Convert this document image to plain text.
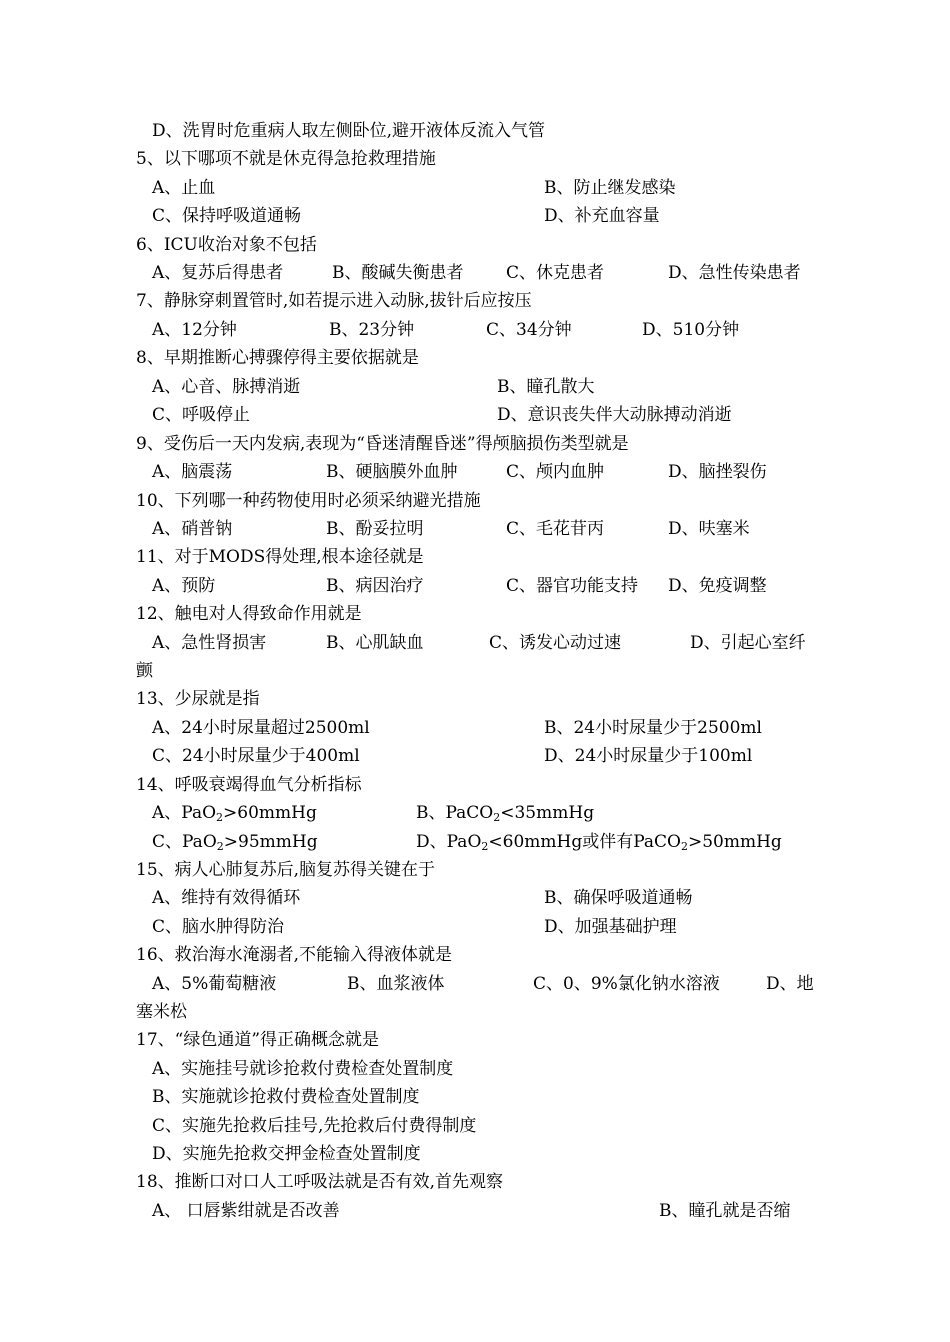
D、洗胃时危重病人取左侧卧位,避开液体反流入气管
5、以下哪项不就是休克得急抢救理措施
A、止血	B、防止继发感染
C、保持呼吸道通畅	D、补充血容量
6、ICU收治对象不包括
A、复苏后得患者	B、酸碱失衡患者	C、休克患者	D、急性传染患者
7、静脉穿刺置管时,如若提示进入动脉,拔针后应按压
A、12分钟	B、23分钟	C、34分钟	D、510分钟
8、早期推断心搏骤停得主要依据就是
A、心音、脉搏消逝	B、瞳孔散大
C、呼吸停止	D、意识丧失伴大动脉搏动消逝
9、受伤后一天内发病,表现为“昏迷清醒昏迷”得颅脑损伤类型就是
A、脑震荡	B、硬脑膜外血肿	C、颅内血肿	D、脑挫裂伤
10、下列哪一种药物使用时必须采纳避光措施
A、硝普钠	B、酚妥拉明	C、毛花苷丙	D、呋塞米
11、对于MODS得处理,根本途径就是
A、预防	B、病因治疗	C、器官功能支持 D、免疫调整
12、触电对人得致命作用就是
A、急性肾损害	B、心肌缺血	C、诱发心动过速	D、引起心室纤
颤
13、少尿就是指
A、24小时尿量超过2500ml	B、24小时尿量少于2500ml
C、24小时尿量少于400ml	D、24小时尿量少于100ml
14、呼吸衰竭得血气分析指标
A、PaO$_2$>60mmHg	B、PaCO$_2$<35mmHg
C、PaO$_2$>95mmHg	D、PaO$_2$<60mmHg或伴有PaCO$_2$>50mmHg
15、病人心肺复苏后,脑复苏得关键在于
A、维持有效得循环	B、确保呼吸道通畅
C、脑水肿得防治	D、加强基础护理
16、救治海水淹溺者,不能输入得液体就是
A、5%葡萄糖液	B、血浆液体	C、0、9%氯化钠水溶液	D、地
塞米松
17、“绿色通道”得正确概念就是
A、实施挂号就诊抢救付费检查处置制度
B、实施就诊抢救付费检查处置制度
C、实施先抢救后挂号,先抢救后付费得制度
D、实施先抢救交押金检查处置制度
18、推断口对口人工呼吸法就是否有效,首先观察
A、 口唇紫绀就是否改善	B、瞳孔就是否缩
